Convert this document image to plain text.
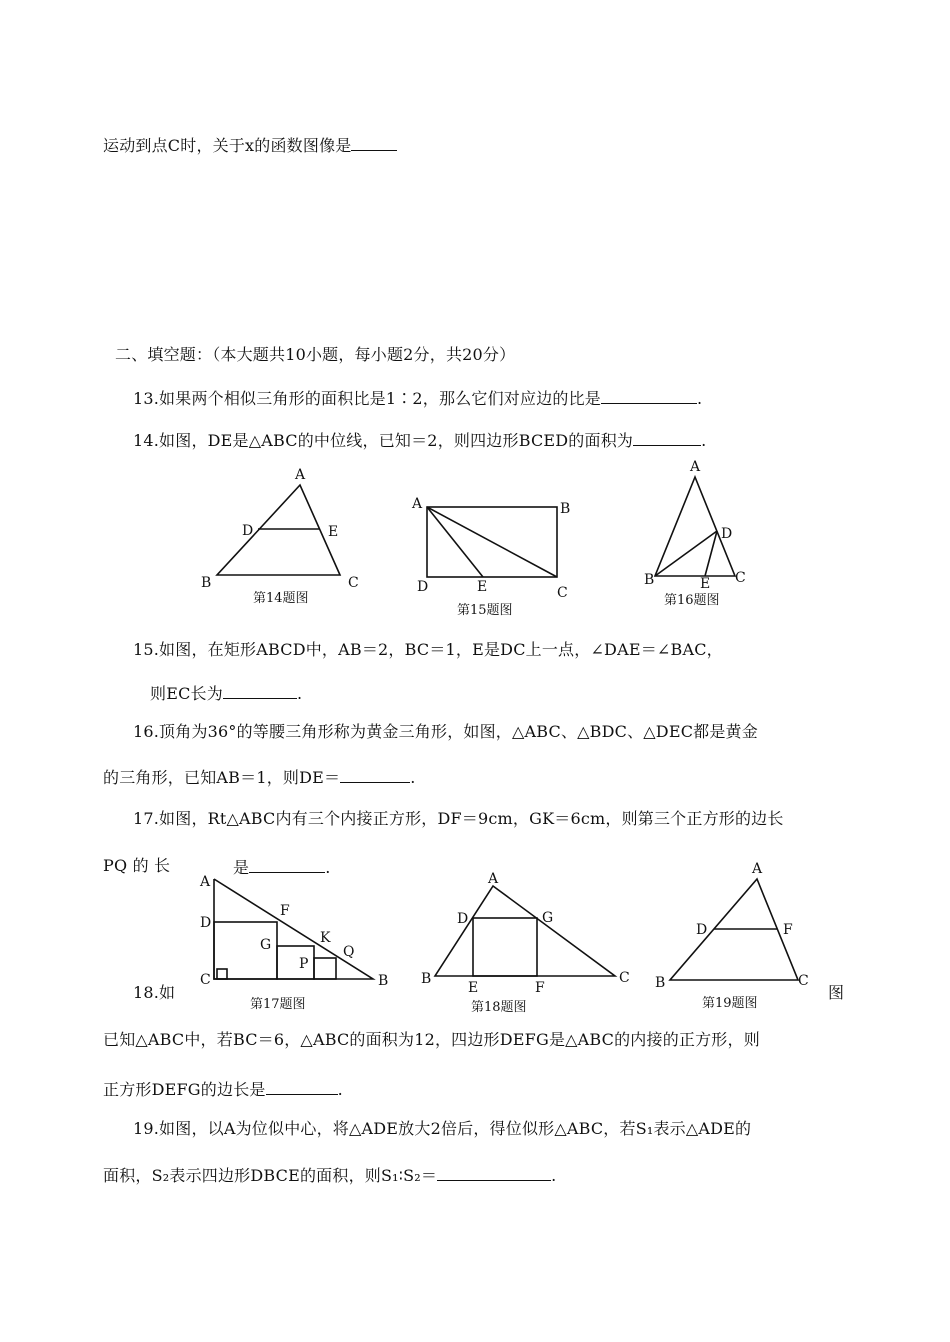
运动到点C时，关于x的函数图像是
二、填空题：（本大题共10小题，每小题2分，共20分）
13.如果两个相似三角形的面积比是1∶2，那么它们对应边的比是	.
14.如图，DE是△ABC的中位线，已知＝2，则四边形BCED的面积为	.
A
D	E
B	C
第14题图
A	B
D	E	C
第15题图
A
D
B	E C
第16题图
15.如图，在矩形ABCD中，AB＝2，BC＝1，E是DC上一点，∠DAE＝∠BAC，
则EC长为	.
16.顶角为36°的等腰三角形称为黄金三角形，如图，△ABC、△BDC、△DEC都是黄金
的三角形，已知AB＝1，则DE＝	.
17.如图，Rt△ABC内有三个内接正方形，DF＝9cm，GK＝6cm，则第三个正方形的边长
PQ 的 长	是	.
A
D
F
G	K
Q
P
C	B
第17题图
A
D	G
B
E	F
C
第18题图
A
D	F
B	C
第19题图
18.如	图
已知△ABC中，若BC＝6，△ABC的面积为12，四边形DEFG是△ABC的内接的正方形，则
正方形DEFG的边长是	.
19.如图，以A为位似中心，将△ADE放大2倍后，得位似形△ABC，若S₁表示△ADE的
面积，S₂表示四边形DBCE的面积，则S₁∶S₂＝	.
